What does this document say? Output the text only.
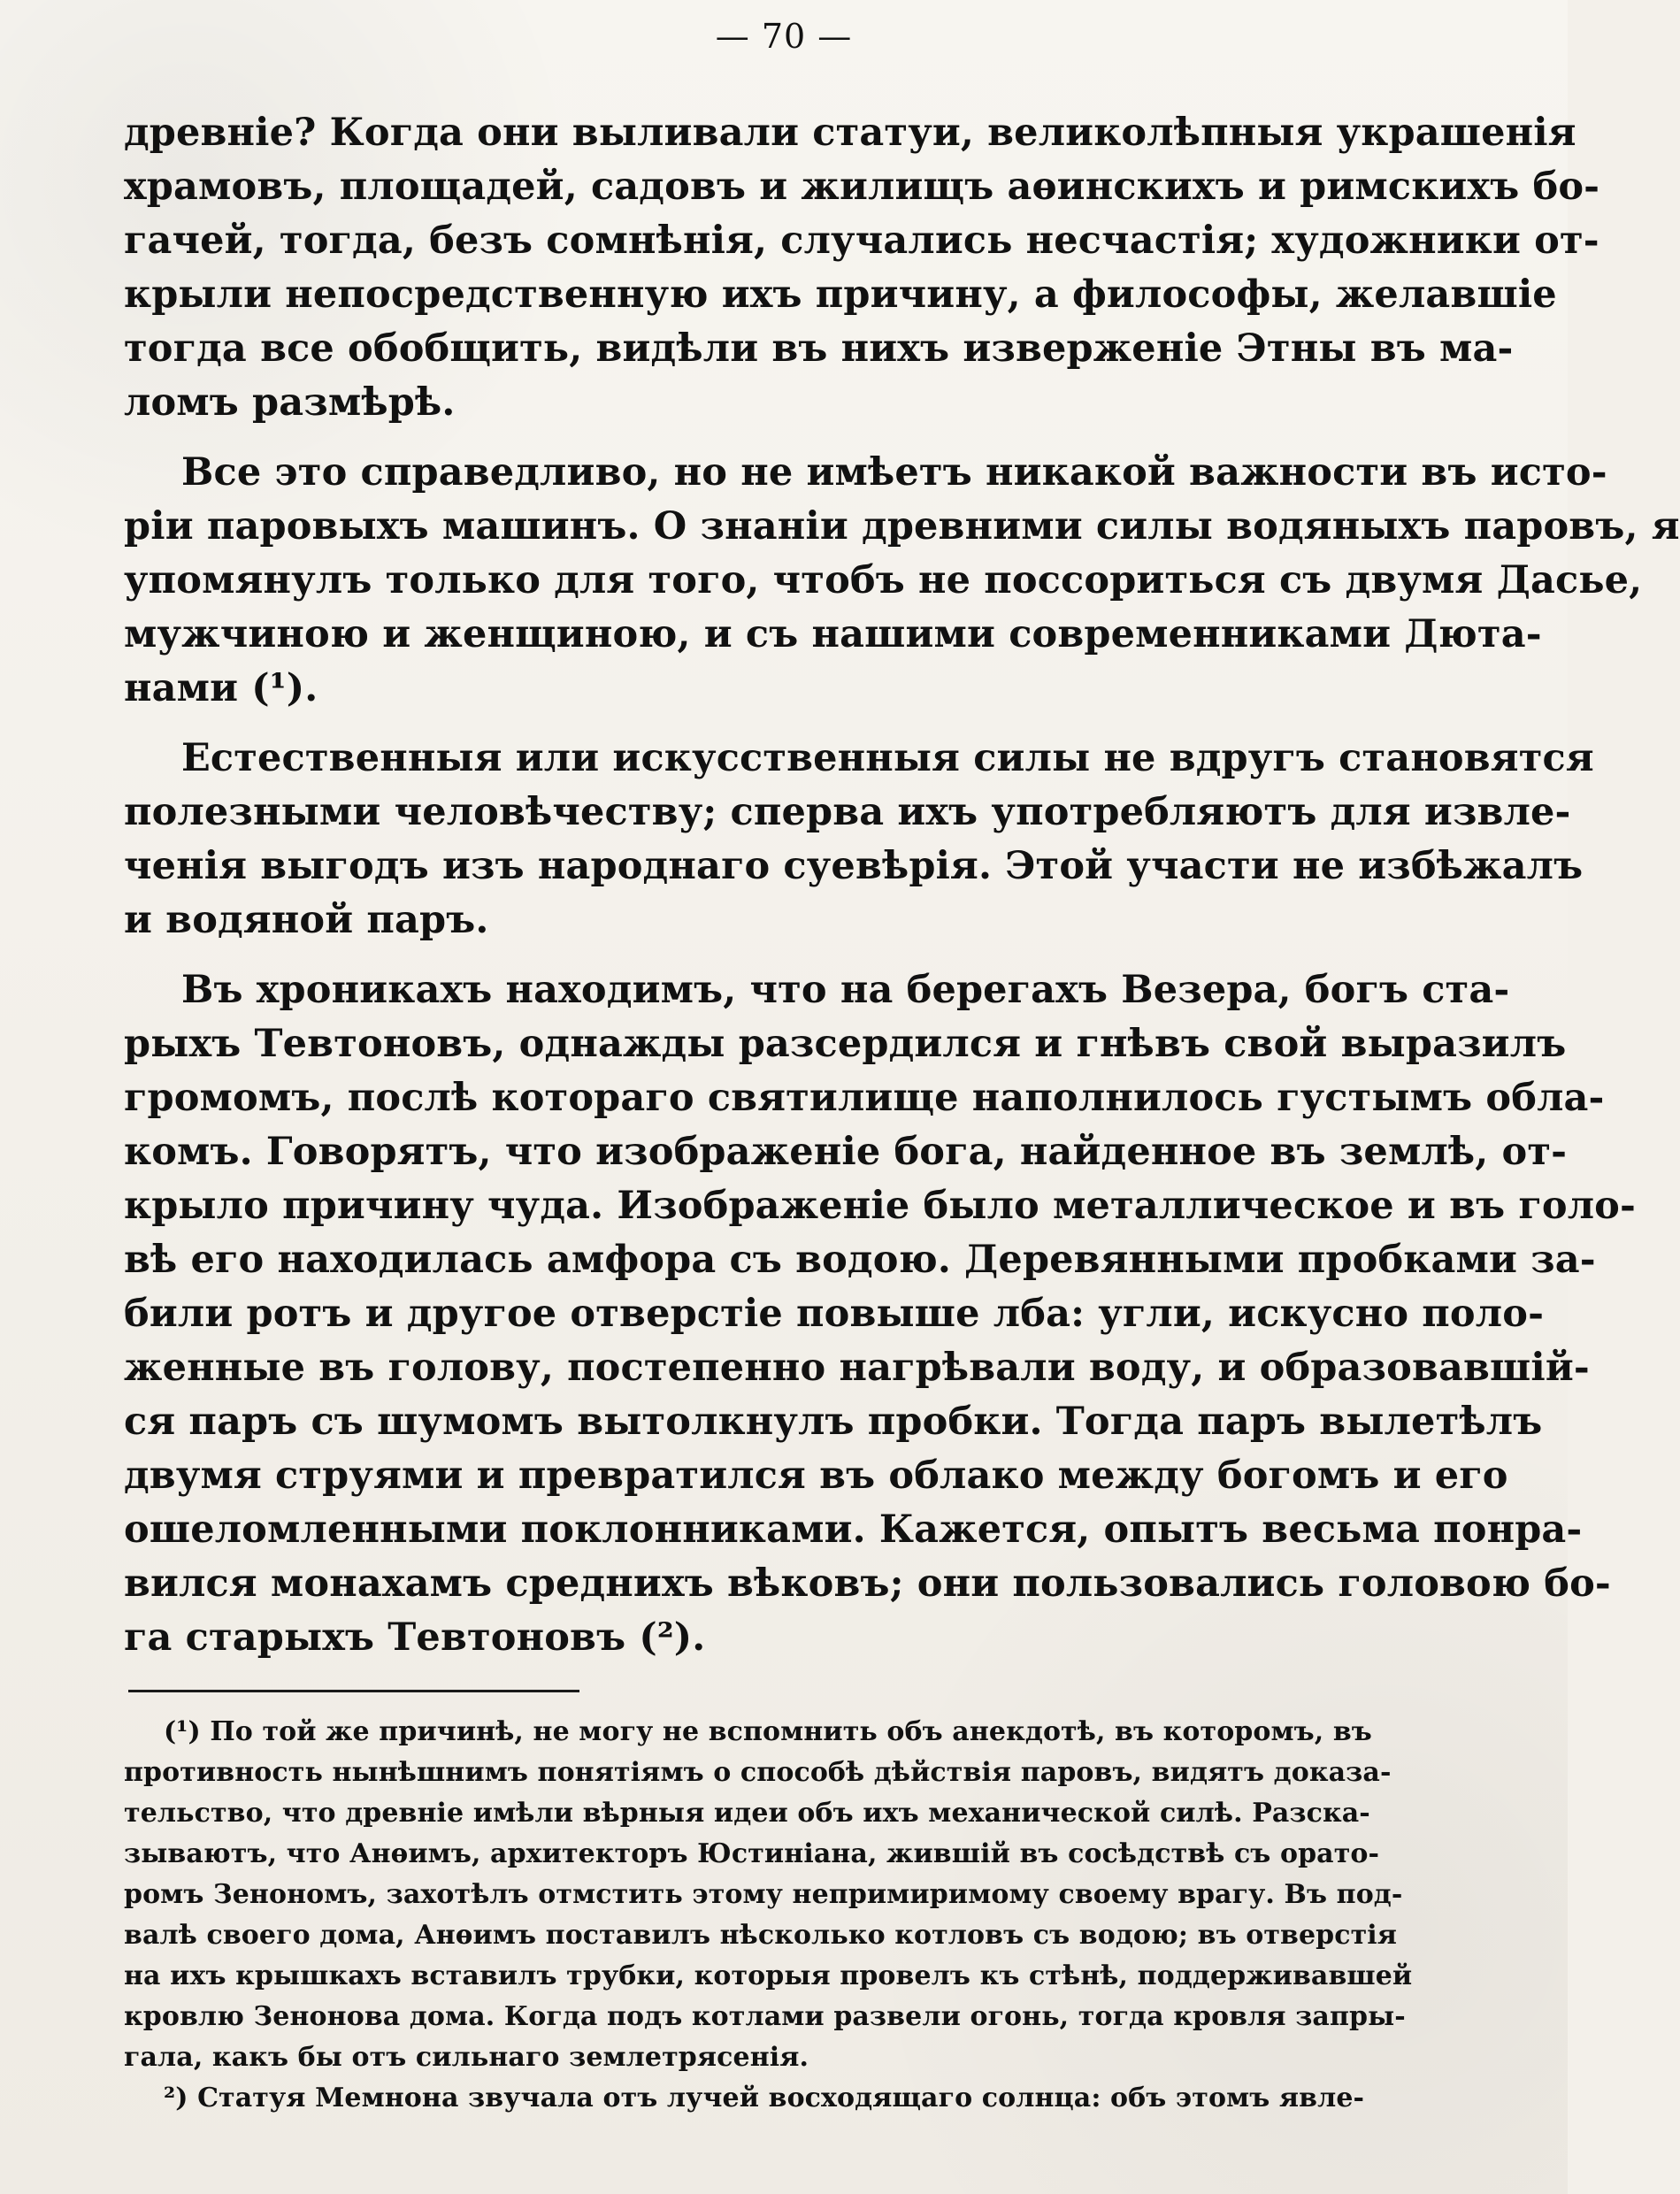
— 70 —
древніе? Когда они выливали статуи, великолѣпныя украшенія
храмовъ, площадей, садовъ и жилищъ аѳинскихъ и римскихъ бо-
гачей, тогда, безъ сомнѣнія, случались несчастія; художники от-
крыли непосредственную ихъ причину, а философы, желавшіе
тогда все обобщить, видѣли въ нихъ изверженіе Этны въ ма-
ломъ размѣрѣ.
Все это справедливо, но не имѣетъ никакой важности въ исто-
ріи паровыхъ машинъ. О знаніи древними силы водяныхъ паровъ, я
упомянулъ только для того, чтобъ не поссориться съ двумя Дасье,
мужчиною и женщиною, и съ нашими современниками Дюта-
нами (¹).
Естественныя или искусственныя силы не вдругъ становятся
полезными человѣчеству; сперва ихъ употребляютъ для извле-
ченія выгодъ изъ народнаго суевѣрія. Этой участи не избѣжалъ
и водяной паръ.
Въ хроникахъ находимъ, что на берегахъ Везера, богъ ста-
рыхъ Тевтоновъ, однажды разсердился и гнѣвъ свой выразилъ
громомъ, послѣ котораго святилище наполнилось густымъ обла-
комъ. Говорятъ, что изображеніе бога, найденное въ землѣ, от-
крыло причину чуда. Изображеніе было металлическое и въ голо-
вѣ его находилась амфора съ водою. Деревянными пробками за-
били ротъ и другое отверстіе повыше лба: угли, искусно поло-
женные въ голову, постепенно нагрѣвали воду, и образовавшій-
ся паръ съ шумомъ вытолкнулъ пробки. Тогда паръ вылетѣлъ
двумя струями и превратился въ облако между богомъ и его
ошеломленными поклонниками. Кажется, опытъ весьма понра-
вился монахамъ среднихъ вѣковъ; они пользовались головою бо-
га старыхъ Тевтоновъ (²).
(¹) По той же причинѣ, не могу не вспомнить объ анекдотѣ, въ которомъ, въ
противность нынѣшнимъ понятіямъ о способѣ дѣйствія паровъ, видятъ доказа-
тельство, что древніе имѣли вѣрныя идеи объ ихъ механической силѣ. Разска-
зываютъ, что Анѳимъ, архитекторъ Юстиніана, жившій въ сосѣдствѣ съ орато-
ромъ Зенономъ, захотѣлъ отмстить этому непримиримому своему врагу. Въ под-
валѣ своего дома, Анѳимъ поставилъ нѣсколько котловъ съ водою; въ отверстія
на ихъ крышкахъ вставилъ трубки, которыя провелъ къ стѣнѣ, поддерживавшей
кровлю Зенонова дома. Когда подъ котлами развели огонь, тогда кровля запры-
гала, какъ бы отъ сильнаго землетрясенія.
²) Статуя Мемнона звучала отъ лучей восходящаго солнца: объ этомъ явле-
